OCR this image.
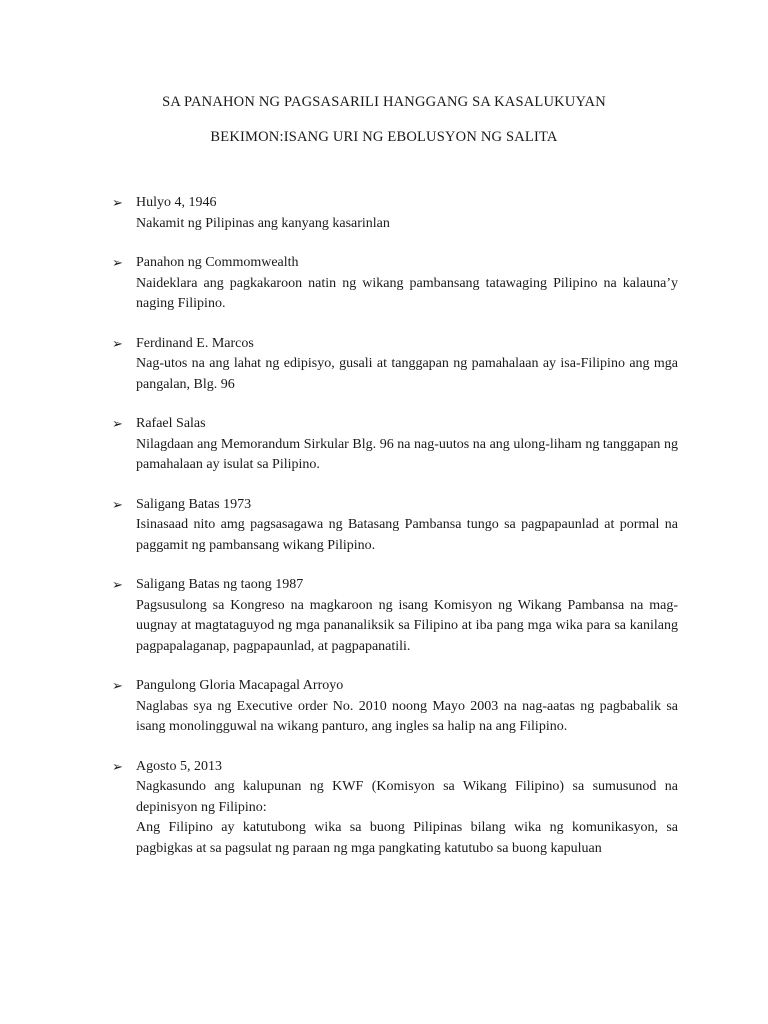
SA PANAHON NG PAGSASARILI HANGGANG SA KASALUKUYAN
BEKIMON:ISANG URI NG EBOLUSYON NG SALITA
➢ Hulyo 4, 1946
Nakamit ng Pilipinas ang kanyang kasarinlan
➢ Panahon ng Commomwealth
Naideklara ang pagkakaroon natin ng wikang pambansang tatawaging Pilipino na kalauna’y naging Filipino.
➢ Ferdinand E. Marcos
Nag-utos na ang lahat ng edipisyo, gusali at tanggapan ng pamahalaan ay isa-Filipino ang mga pangalan, Blg. 96
➢ Rafael Salas
Nilagdaan ang Memorandum Sirkular Blg. 96 na nag-uutos na ang ulong-liham ng tanggapan ng pamahalaan ay isulat sa Pilipino.
➢ Saligang Batas 1973
Isinasaad nito amg pagsasagawa ng Batasang Pambansa tungo sa pagpapaunlad at pormal na paggamit ng pambansang wikang Pilipino.
➢ Saligang Batas ng taong 1987
Pagsusulong sa Kongreso na magkaroon ng isang Komisyon ng Wikang Pambansa na mag-uugnay at magtataguyod ng mga pananaliksik sa Filipino at iba pang mga wika para sa kanilang pagpapalaganap, pagpapaunlad, at pagpapanatili.
➢ Pangulong Gloria Macapagal Arroyo
Naglabas sya ng Executive order No. 2010 noong Mayo 2003 na nag-aatas ng pagbabalik sa isang monolingguwal na wikang panturo, ang ingles sa halip na ang Filipino.
➢ Agosto 5, 2013
Nagkasundo ang kalupunan ng KWF (Komisyon sa Wikang Filipino) sa sumusunod na depinisyon ng Filipino:
Ang Filipino ay katutubong wika sa buong Pilipinas bilang wika ng komunikasyon, sa pagbigkas at sa pagsulat ng paraan ng mga pangkating katutubo sa buong kapuluan
